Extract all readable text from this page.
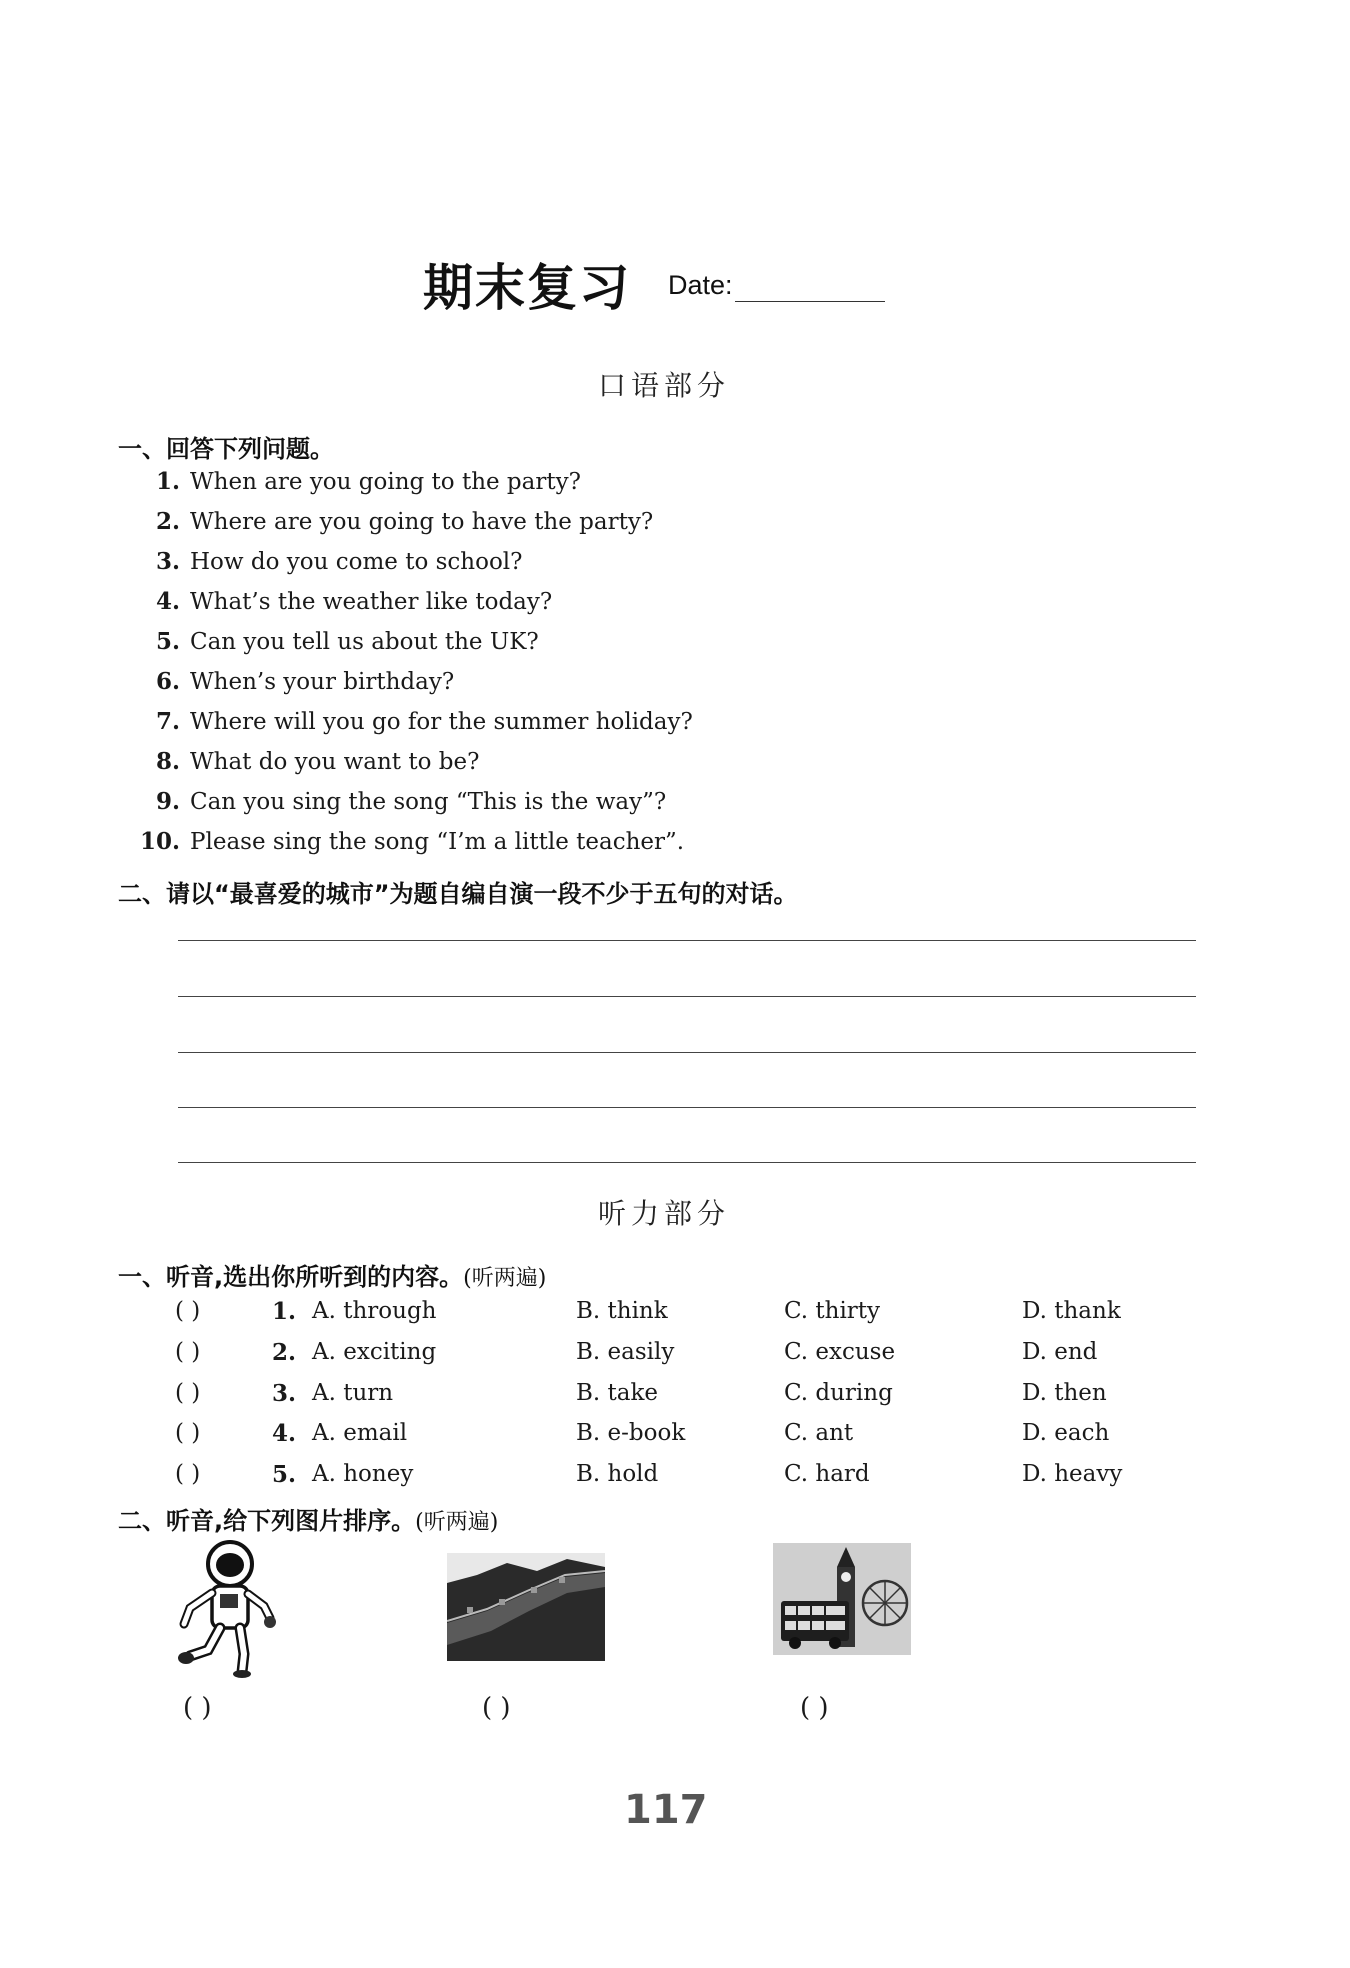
期末复习 Date:
口语部分
一、回答下列问题。
1. When are you going to the party?
2. Where are you going to have the party?
3. How do you come to school?
4. What’s the weather like today?
5. Can you tell us about the UK?
6. When’s your birthday?
7. Where will you go for the summer holiday?
8. What do you want to be?
9. Can you sing the song “This is the way”?
10. Please sing the song “I’m a little teacher”.
二、请以“最喜爱的城市”为题自编自演一段不少于五句的对话。
听力部分
一、听音,选出你所听到的内容。(听两遍)
( )	1. A. through	B. think	C. thirty	D. thank
( )	2. A. exciting	B. easily	C. excuse	D. end
( )	3. A. turn	B. take	C. during	D. then
( )	4. A. email	B. e-book	C. ant	D. each
( )	5. A. honey	B. hold	C. hard	D. heavy
二、听音,给下列图片排序。(听两遍)
( )	( )	( )
117
